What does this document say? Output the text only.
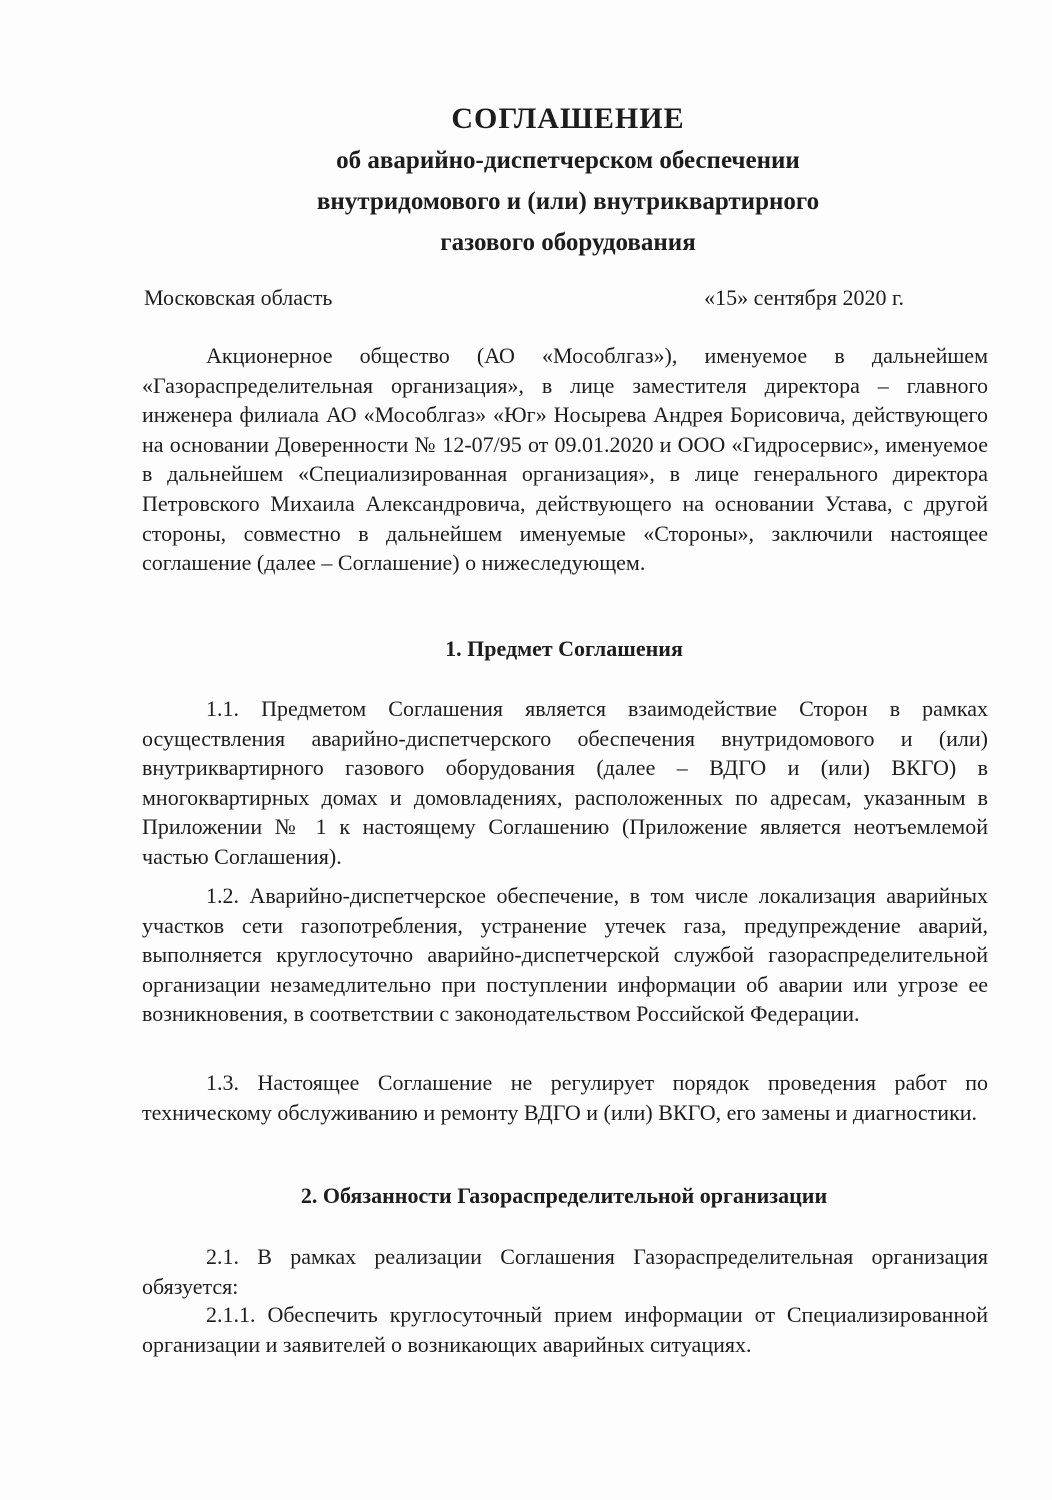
СОГЛАШЕНИЕ
об аварийно-диспетчерском обеспечении
внутридомового и (или) внутриквартирного
газового оборудования
Московская область	«15» сентября 2020 г.

Акционерное общество (АО «Мособлгаз»), именуемое в дальнейшем «Газораспределительная организация», в лице заместителя директора – главного инженера филиала АО «Мособлгаз» «Юг» Носырева Андрея Борисовича, действующего на основании Доверенности № 12-07/95 от 09.01.2020 и ООО «Гидросервис», именуемое в дальнейшем «Специализированная организация», в лице генерального директора Петровского Михаила Александровича, действующего на основании Устава, с другой стороны, совместно в дальнейшем именуемые «Стороны», заключили настоящее соглашение (далее – Соглашение) о нижеследующем.

1. Предмет Соглашения

1.1. Предметом Соглашения является взаимодействие Сторон в рамках осуществления аварийно-диспетчерского обеспечения внутридомового и (или) внутриквартирного газового оборудования (далее – ВДГО и (или) ВКГО) в многоквартирных домах и домовладениях, расположенных по адресам, указанным в Приложении № 1 к настоящему Соглашению (Приложение является неотъемлемой частью Соглашения).

1.2. Аварийно-диспетчерское обеспечение, в том числе локализация аварийных участков сети газопотребления, устранение утечек газа, предупреждение аварий, выполняется круглосуточно аварийно-диспетчерской службой газораспределительной организации незамедлительно при поступлении информации об аварии или угрозе ее возникновения, в соответствии с законодательством Российской Федерации.

1.3. Настоящее Соглашение не регулирует порядок проведения работ по техническому обслуживанию и ремонту ВДГО и (или) ВКГО, его замены и диагностики.

2. Обязанности Газораспределительной организации

2.1. В рамках реализации Соглашения Газораспределительная организация обязуется:

2.1.1. Обеспечить круглосуточный прием информации от Специализированной организации и заявителей о возникающих аварийных ситуациях.
